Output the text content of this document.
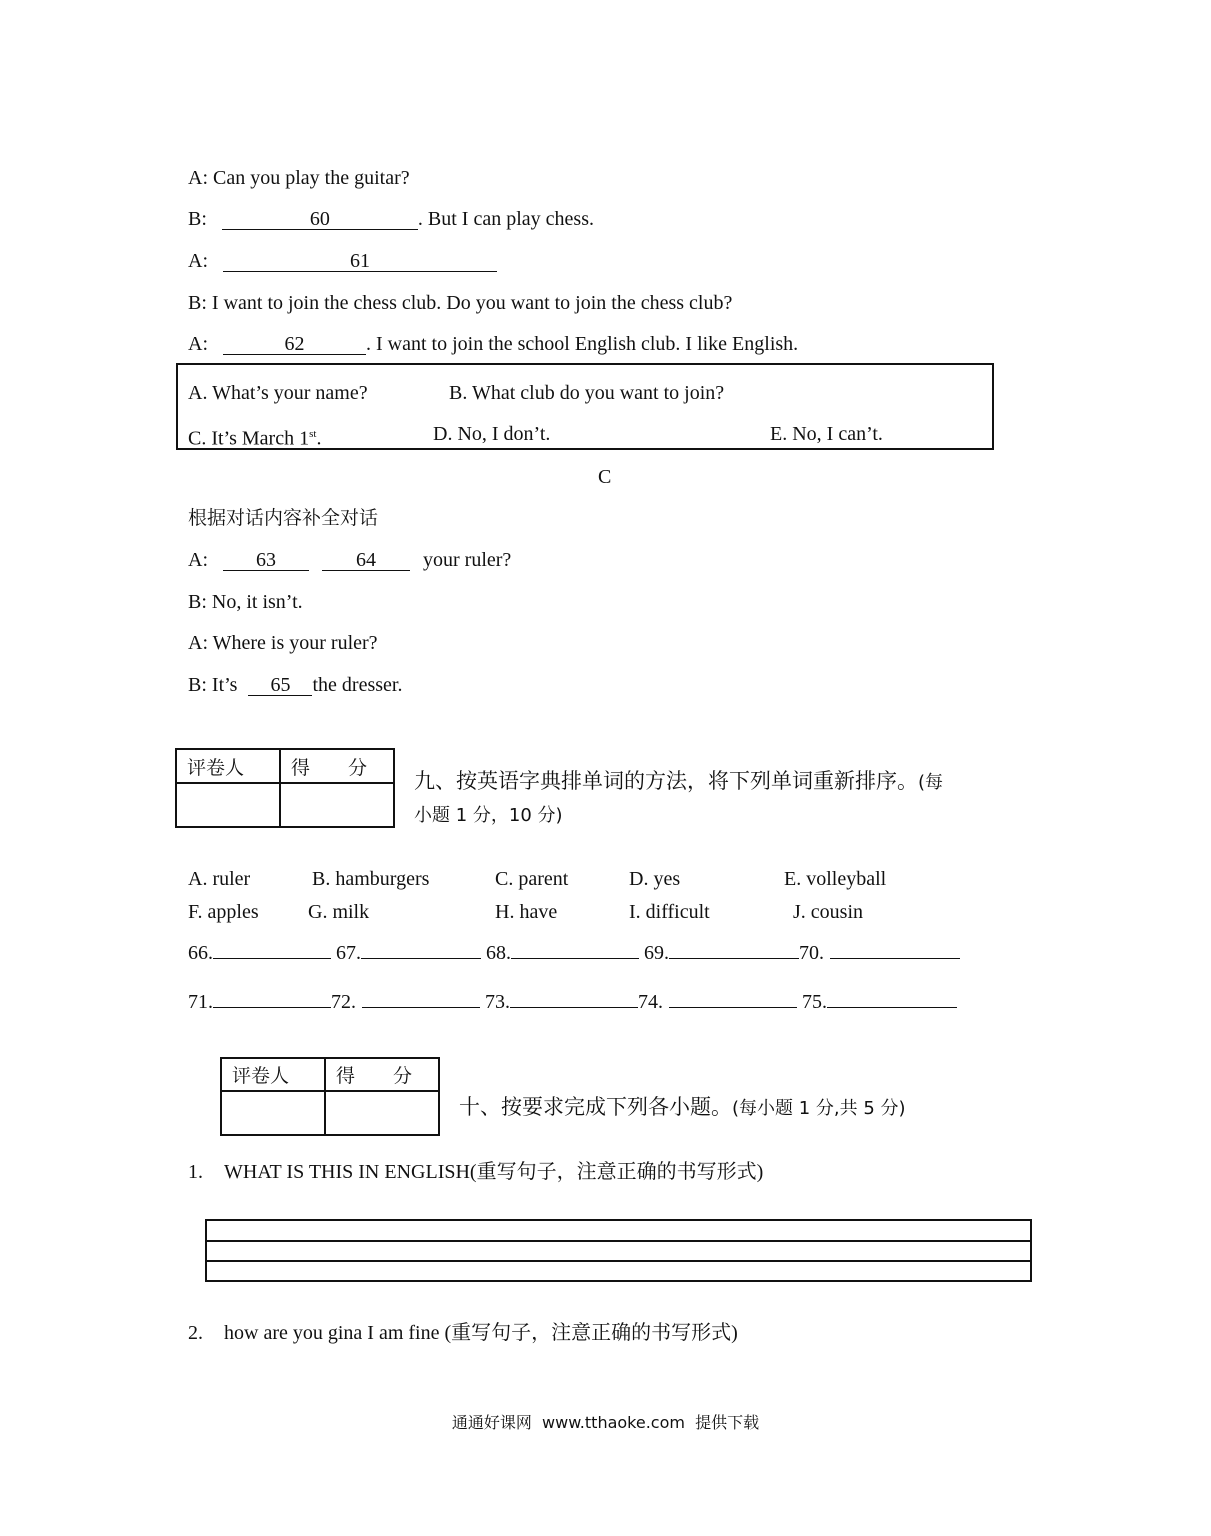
A: Can you play the guitar?
B:	60	. But I can play chess.
A:	61
B: I want to join the chess club. Do you want to join the chess club?
A:	62	. I want to join the school English club. I like English.
A. What’s your name?	B. What club do you want to join?
C. It’s March 1st.	D. No, I don’t.	E. No, I can’t.
C
根据对话内容补全对话
A: 63	64 your ruler?
B: No, it isn’t.
A: Where is your ruler?
B: It’s 65 the dresser.
评卷人	得　　分

九、按英语字典排单词的方法，将下列单词重新排序。(每
小题 1 分，10 分)
A. ruler	B. hamburgers	C. parent	D. yes	E. volleyball
F. apples G. milk	H. have	I. difficult	J. cousin
66.	67.	68.	69.	70.
71.	72.	73.	74.	75.
评卷人	得　　分

十、按要求完成下列各小题。(每小题 1 分,共 5 分)
1. WHAT IS THIS IN ENGLISH(重写句子，注意正确的书写形式)
2. how are you gina I am fine (重写句子，注意正确的书写形式)
通通好课网  www.tthaoke.com  提供下载
